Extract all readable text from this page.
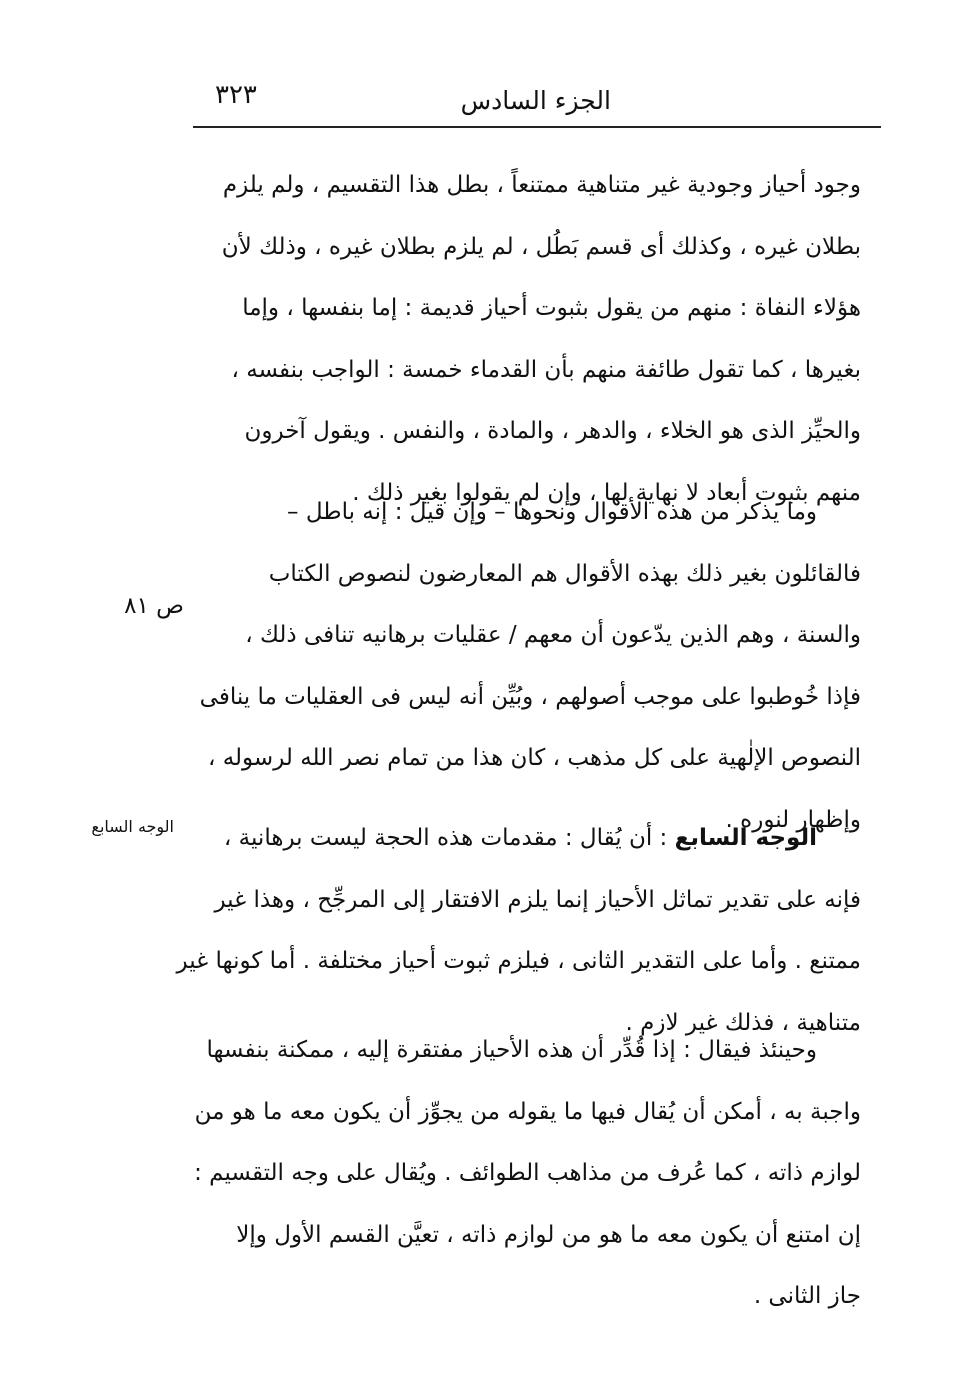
الجزء السادس
٣٢٣
ص ٨١
الوجه السابع
وجود أحياز وجودية غير متناهية ممتنعاً ، بطل هذا التقسيم ، ولم يلزم
بطلان غيره ، وكذلك أى قسم بَطُل ، لم يلزم بطلان غيره ، وذلك لأن
هؤلاء النفاة : منهم من يقول بثبوت أحياز قديمة : إما بنفسها ، وإما
بغيرها ، كما تقول طائفة منهم بأن القدماء خمسة : الواجب بنفسه ،
والحيِّز الذى هو الخلاء ، والدهر ، والمادة ، والنفس . ويقول آخرون
منهم بثبوت أبعاد لا نهاية لها ، وإن لم يقولوا بغير ذلك .
وما يذكر من هذه الأقوال ونحوها – وإن قيل : إنه باطل –
فالقائلون بغير ذلك بهذه الأقوال هم المعارضون لنصوص الكتاب
والسنة ، وهم الذين يدّعون أن معهم / عقليات برهانيه تنافى ذلك ،
فإذا خُوطبوا على موجب أصولهم ، وبُيِّن أنه ليس فى العقليات ما ينافى
النصوص الإلٰهية على كل مذهب ، كان هذا من تمام نصر الله لرسوله ،
وإظهار لنوره .
الوجه السابع : أن يُقال : مقدمات هذه الحجة ليست برهانية ،
فإنه على تقدير تماثل الأحياز إنما يلزم الافتقار إلى المرجِّح ، وهذا غير
ممتنع . وأما على التقدير الثانى ، فيلزم ثبوت أحياز مختلفة . أما كونها غير
متناهية ، فذلك غير لازم .
وحينئذ فيقال : إذا قُدِّر أن هذه الأحياز مفتقرة إليه ، ممكنة بنفسها
واجبة به ، أمكن أن يُقال فيها ما يقوله من يجوِّز أن يكون معه ما هو من
لوازم ذاته ، كما عُرف من مذاهب الطوائف . ويُقال على وجه التقسيم :
إن امتنع أن يكون معه ما هو من لوازم ذاته ، تعيَّن القسم الأول وإلا
جاز الثانى .
